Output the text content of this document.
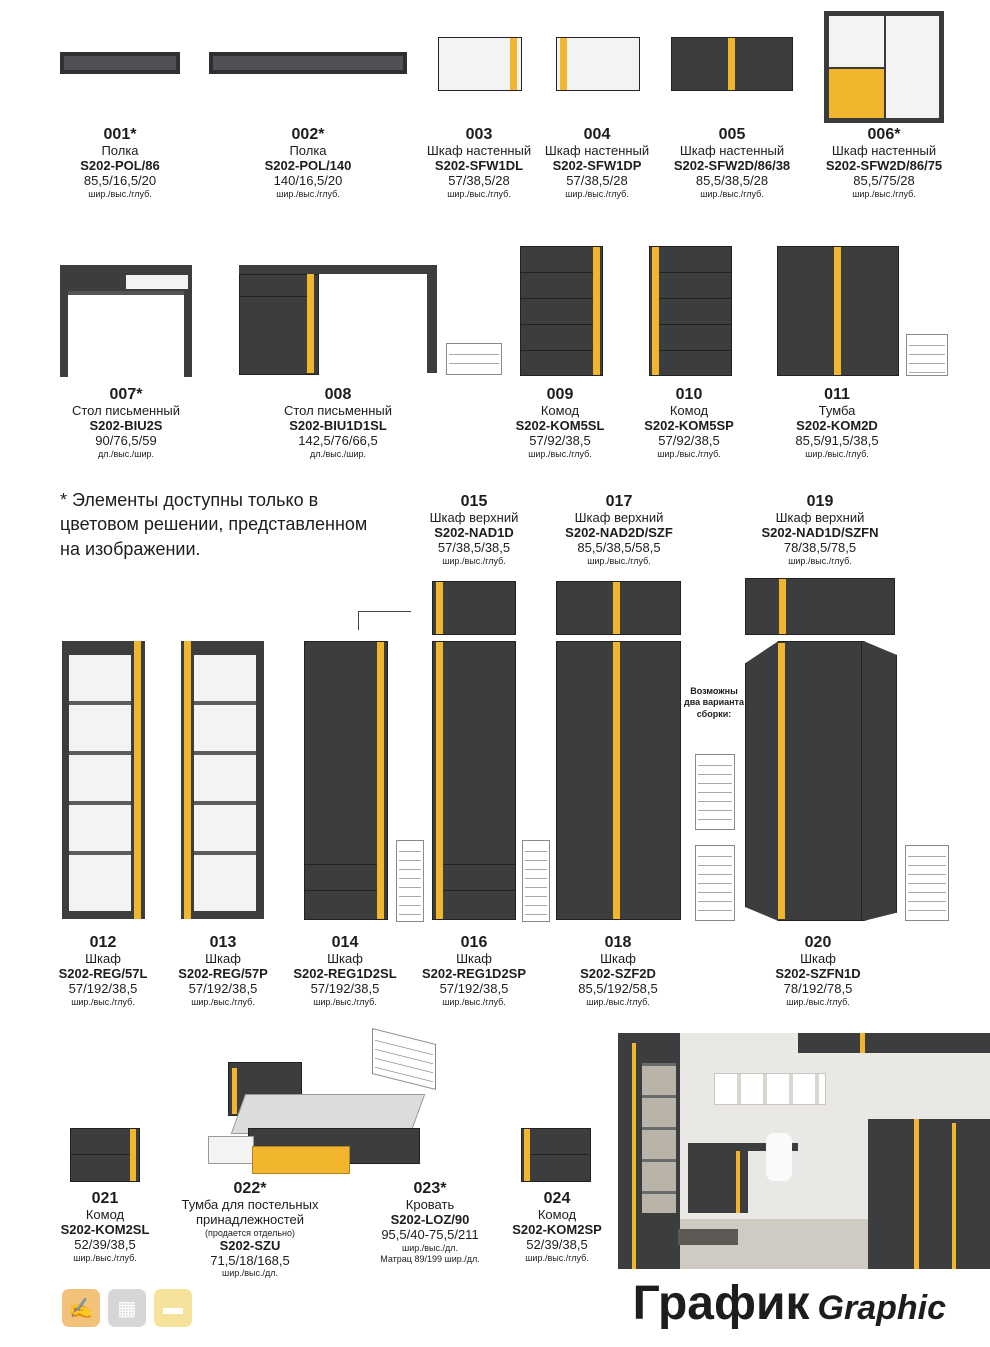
001*
Полка
S202-POL/86
85,5/16,5/20
шир./выс./глуб.
002*
Полка
S202-POL/140
140/16,5/20
шир./выс./глуб.
003
Шкаф настенный
S202-SFW1DL
57/38,5/28
шир./выс./глуб.
004
Шкаф настенный
S202-SFW1DP
57/38,5/28
шир./выс./глуб.
005
Шкаф настенный
S202-SFW2D/86/38
85,5/38,5/28
шир./выс./глуб.
006*
Шкаф настенный
S202-SFW2D/86/75
85,5/75/28
шир./выс./глуб.
007*
Стол письменный
S202-BIU2S
90/76,5/59
дл./выс./шир.
008
Стол письменный
S202-BIU1D1SL
142,5/76/66,5
дл./выс./шир.
009
Комод
S202-KOM5SL
57/92/38,5
шир./выс./глуб.
010
Комод
S202-KOM5SP
57/92/38,5
шир./выс./глуб.
011
Тумба
S202-KOM2D
85,5/91,5/38,5
шир./выс./глуб.
* Элементы доступны только в цветовом решении, представленном на изображении.
015
Шкаф верхний
S202-NAD1D
57/38,5/38,5
шир./выс./глуб.
017
Шкаф верхний
S202-NAD2D/SZF
85,5/38,5/58,5
шир./выс./глуб.
019
Шкаф верхний
S202-NAD1D/SZFN
78/38,5/78,5
шир./выс./глуб.
Возможны два варианта сборки:
012
Шкаф
S202-REG/57L
57/192/38,5
шир./выс./глуб.
013
Шкаф
S202-REG/57P
57/192/38,5
шир./выс./глуб.
014
Шкаф
S202-REG1D2SL
57/192/38,5
шир./выс./глуб.
016
Шкаф
S202-REG1D2SP
57/192/38,5
шир./выс./глуб.
018
Шкаф
S202-SZF2D
85,5/192/58,5
шир./выс./глуб.
020
Шкаф
S202-SZFN1D
78/192/78,5
шир./выс./глуб.
021
Комод
S202-KOM2SL
52/39/38,5
шир./выс./глуб.
022*
Тумба для постельных принадлежностей
(продается отдельно)
S202-SZU
71,5/18/168,5
шир./выс./дл.
023*
Кровать
S202-LOZ/90
95,5/40-75,5/211
шир./выс./дл.
Матрац 89/199 шир./дл.
024
Комод
S202-KOM2SP
52/39/38,5
шир./выс./глуб.
✍	▦	▬	График Graphic
